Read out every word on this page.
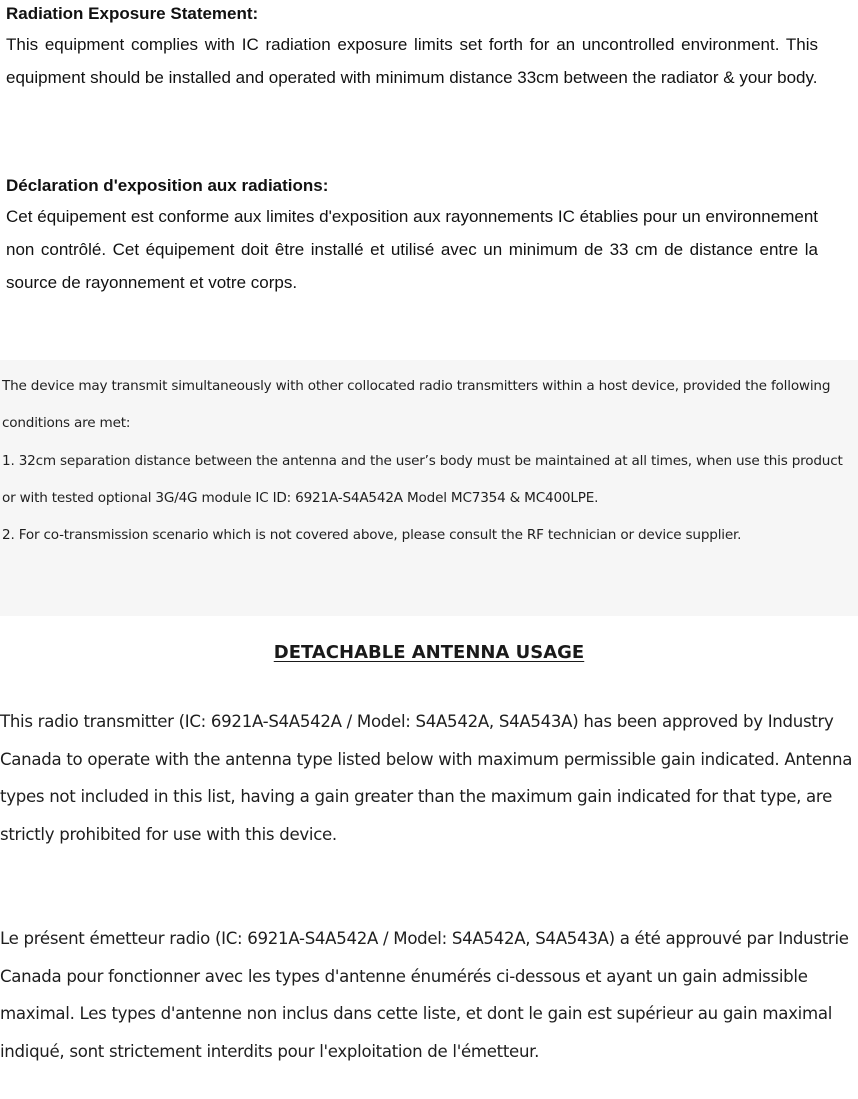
Radiation Exposure Statement:

This equipment complies with IC radiation exposure limits set forth for an uncontrolled environment. This equipment should be installed and operated with minimum distance 33cm between the radiator & your body.

Déclaration d'exposition aux radiations:

Cet équipement est conforme aux limites d'exposition aux rayonnements IC établies pour un environnement non contrôlé. Cet équipement doit être installé et utilisé avec un minimum de 33 cm de distance entre la source de rayonnement et votre corps.

The device may transmit simultaneously with other collocated radio transmitters within a host device, provided the following conditions are met:

1. 32cm separation distance between the antenna and the user’s body must be maintained at all times, when use this product or with tested optional 3G/4G module IC ID: 6921A-S4A542A Model MC7354 & MC400LPE.

2. For co-transmission scenario which is not covered above, please consult the RF technician or device supplier.

DETACHABLE ANTENNA USAGE

This radio transmitter (IC: 6921A-S4A542A / Model: S4A542A, S4A543A) has been approved by Industry Canada to operate with the antenna type listed below with maximum permissible gain indicated. Antenna types not included in this list, having a gain greater than the maximum gain indicated for that type, are strictly prohibited for use with this device.

Le présent émetteur radio (IC: 6921A-S4A542A / Model: S4A542A, S4A543A) a été approuvé par Industrie Canada pour fonctionner avec les types d'antenne énumérés ci-dessous et ayant un gain admissible maximal. Les types d'antenne non inclus dans cette liste, et dont le gain est supérieur au gain maximal indiqué, sont strictement interdits pour l'exploitation de l'émetteur.
